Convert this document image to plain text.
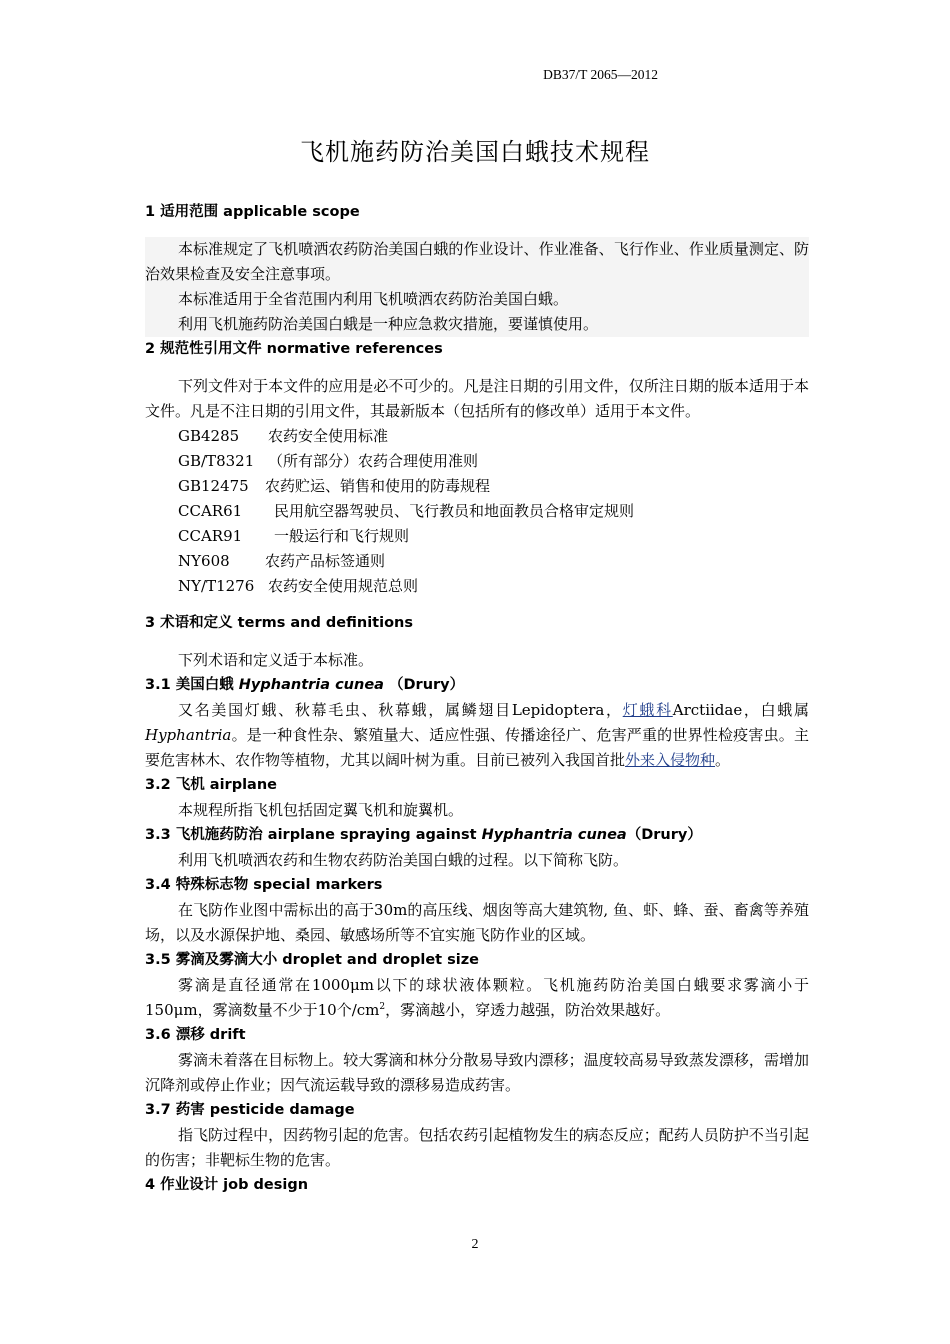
DB37/T 2065—2012
飞机施药防治美国白蛾技术规程

1 适用范围 applicable scope

本标准规定了飞机喷洒农药防治美国白蛾的作业设计、作业准备、飞行作业、作业质量测定、防治效果检查及安全注意事项。

本标准适用于全省范围内利用飞机喷洒农药防治美国白蛾。

利用飞机施药防治美国白蛾是一种应急救灾措施，要谨慎使用。

2 规范性引用文件 normative references

下列文件对于本文件的应用是必不可少的。凡是注日期的引用文件，仅所注日期的版本适用于本文件。凡是不注日期的引用文件，其最新版本（包括所有的修改单）适用于本文件。

GB4285 农药安全使用标准

GB/T8321 （所有部分）农药合理使用准则

GB12475 农药贮运、销售和使用的防毒规程

CCAR61 民用航空器驾驶员、飞行教员和地面教员合格审定规则

CCAR91 一般运行和飞行规则

NY608 农药产品标签通则

NY/T1276 农药安全使用规范总则

3 术语和定义 terms and definitions

下列术语和定义适于本标准。

3.1 美国白蛾 Hyphantria cunea （Drury）

又名美国灯蛾、秋幕毛虫、秋幕蛾，属鳞翅目Lepidoptera，灯蛾科Arctiidae，白蛾属Hyphantria。是一种食性杂、繁殖量大、适应性强、传播途径广、危害严重的世界性检疫害虫。主要危害林木、农作物等植物，尤其以阔叶树为重。目前已被列入我国首批外来入侵物种。

3.2 飞机 airplane

本规程所指飞机包括固定翼飞机和旋翼机。

3.3 飞机施药防治 airplane spraying against Hyphantria cunea（Drury）

利用飞机喷洒农药和生物农药防治美国白蛾的过程。以下简称飞防。

3.4 特殊标志物 special markers

在飞防作业图中需标出的高于30m的高压线、烟囱等高大建筑物, 鱼、虾、蜂、蚕、畜禽等养殖场，以及水源保护地、桑园、敏感场所等不宜实施飞防作业的区域。

3.5 雾滴及雾滴大小 droplet and droplet size

雾滴是直径通常在1000μm以下的球状液体颗粒。飞机施药防治美国白蛾要求雾滴小于150μm，雾滴数量不少于10个$/cm^2$，雾滴越小，穿透力越强，防治效果越好。

3.6 漂移 drift

雾滴未着落在目标物上。较大雾滴和林分分散易导致内漂移；温度较高易导致蒸发漂移，需增加沉降剂或停止作业；因气流运载导致的漂移易造成药害。

3.7 药害 pesticide damage

指飞防过程中，因药物引起的危害。包括农药引起植物发生的病态反应；配药人员防护不当引起的伤害；非靶标生物的危害。

4 作业设计 job design

2
